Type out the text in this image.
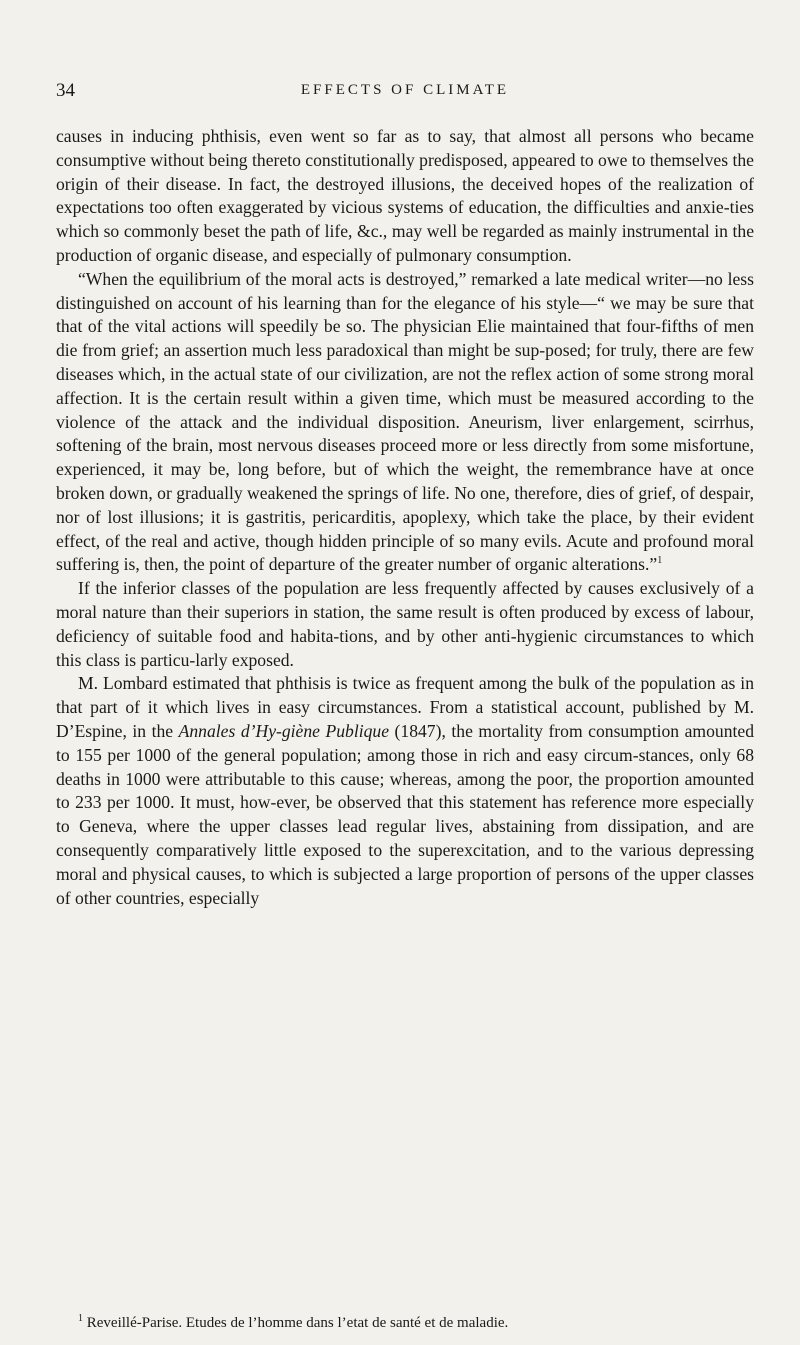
34	EFFECTS OF CLIMATE

causes in inducing phthisis, even went so far as to say, that almost all persons who became consumptive without being thereto constitutionally predisposed, appeared to owe to themselves the origin of their disease. In fact, the destroyed illusions, the deceived hopes of the realization of expectations too often exaggerated by vicious systems of education, the difficulties and anxie-ties which so commonly beset the path of life, &c., may well be regarded as mainly instrumental in the production of organic disease, and especially of pulmonary consumption.

“When the equilibrium of the moral acts is destroyed,” remarked a late medical writer—no less distinguished on account of his learning than for the elegance of his style—“ we may be sure that that of the vital actions will speedily be so. The physician Elie maintained that four-fifths of men die from grief; an assertion much less paradoxical than might be sup-posed; for truly, there are few diseases which, in the actual state of our civilization, are not the reflex action of some strong moral affection. It is the certain result within a given time, which must be measured according to the violence of the attack and the individual disposition. Aneurism, liver enlargement, scirrhus, softening of the brain, most nervous diseases proceed more or less directly from some misfortune, experienced, it may be, long before, but of which the weight, the remembrance have at once broken down, or gradually weakened the springs of life. No one, therefore, dies of grief, of despair, nor of lost illusions; it is gastritis, pericarditis, apoplexy, which take the place, by their evident effect, of the real and active, though hidden principle of so many evils. Acute and profound moral suffering is, then, the point of departure of the greater number of organic alterations.”$^1$

If the inferior classes of the population are less frequently affected by causes exclusively of a moral nature than their superiors in station, the same result is often produced by excess of labour, deficiency of suitable food and habita-tions, and by other anti-hygienic circumstances to which this class is particu-larly exposed.

M. Lombard estimated that phthisis is twice as frequent among the bulk of the population as in that part of it which lives in easy circumstances. From a statistical account, published by M. D’Espine, in the Annales d’Hy-giène Publique (1847), the mortality from consumption amounted to 155 per 1000 of the general population; among those in rich and easy circum-stances, only 68 deaths in 1000 were attributable to this cause; whereas, among the poor, the proportion amounted to 233 per 1000. It must, how-ever, be observed that this statement has reference more especially to Geneva, where the upper classes lead regular lives, abstaining from dissipation, and are consequently comparatively little exposed to the superexcitation, and to the various depressing moral and physical causes, to which is subjected a large proportion of persons of the upper classes of other countries, especially

$^1$ Reveillé-Parise. Etudes de l’homme dans l’etat de santé et de maladie.
